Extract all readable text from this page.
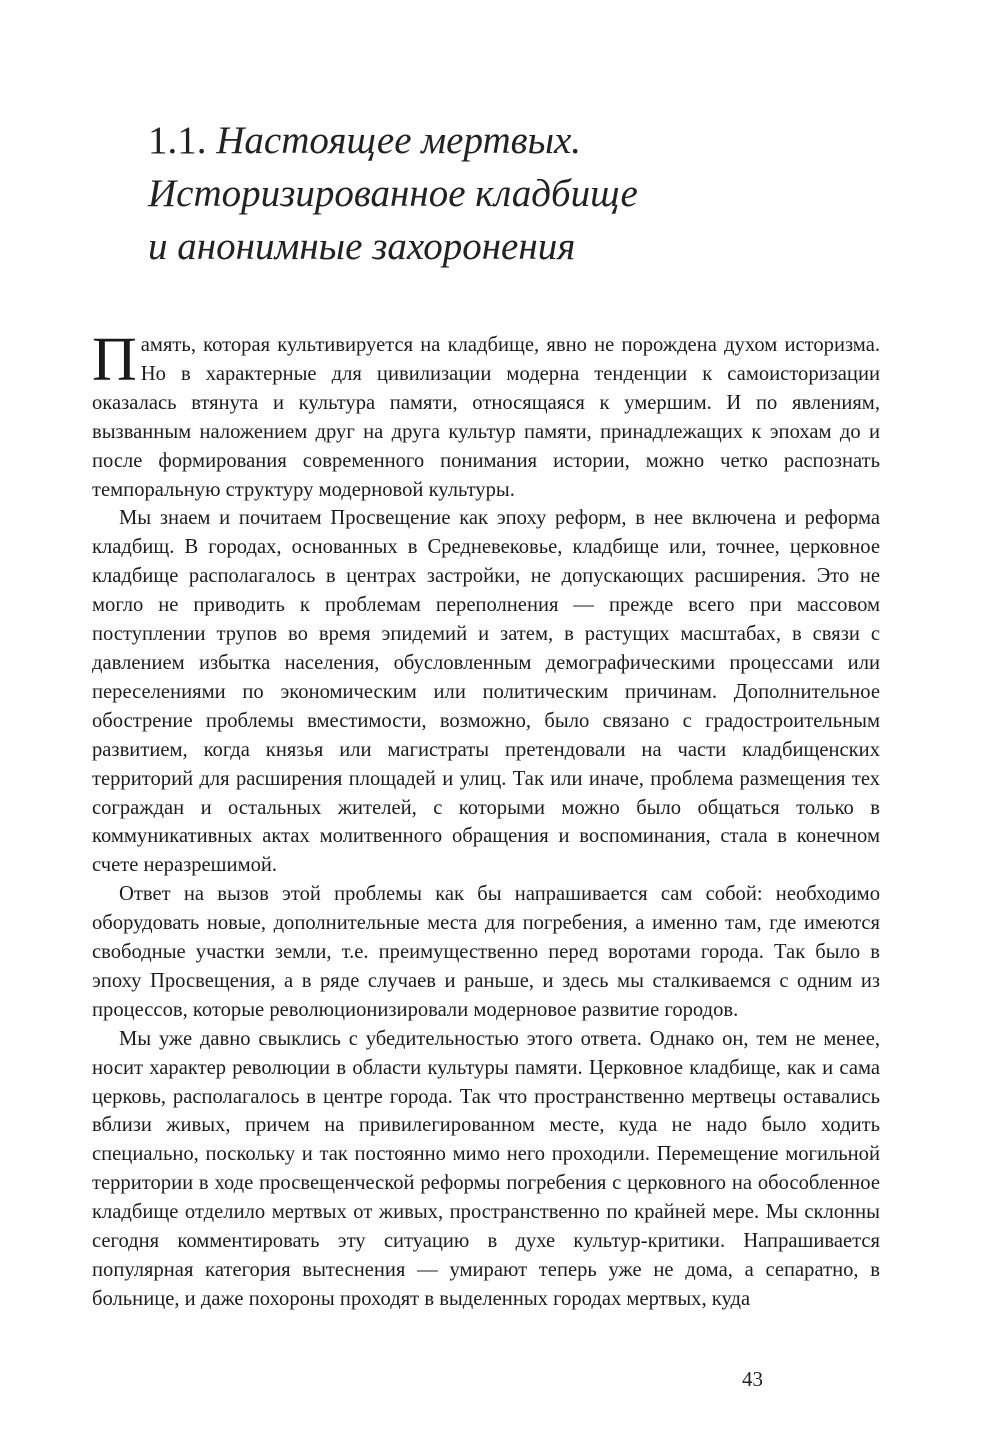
1.1. Настоящее мертвых.
Историзированное кладбище
и анонимные захоронения

Память, которая культивируется на кладбище, явно не порождена духом историзма. Но в характерные для цивилизации модерна тенденции к самоисторизации оказалась втянута и культура памяти, относящаяся к умершим. И по явлениям, вызванным наложением друг на друга культур памяти, принадлежащих к эпохам до и после формирования современного понимания истории, можно четко распознать темпоральную структуру модерновой культуры.

Мы знаем и почитаем Просвещение как эпоху реформ, в нее включена и реформа кладбищ. В городах, основанных в Средневековье, кладбище или, точнее, церковное кладбище располагалось в центрах застройки, не допускающих расширения. Это не могло не приводить к проблемам переполнения — прежде всего при массовом поступлении трупов во время эпидемий и затем, в растущих масштабах, в связи с давлением избытка населения, обусловленным демографическими процессами или переселениями по экономическим или политическим причинам. Дополнительное обострение проблемы вместимости, возможно, было связано с градостроительным развитием, когда князья или магистраты претендовали на части кладбищенских территорий для расширения площадей и улиц. Так или иначе, проблема размещения тех сограждан и остальных жителей, с которыми можно было общаться только в коммуникативных актах молитвенного обращения и воспоминания, стала в конечном счете неразрешимой.

Ответ на вызов этой проблемы как бы напрашивается сам собой: необходимо оборудовать новые, дополнительные места для погребения, а именно там, где имеются свободные участки земли, т.е. преимущественно перед воротами города. Так было в эпоху Просвещения, а в ряде случаев и раньше, и здесь мы сталкиваемся с одним из процессов, которые революционизировали модерновое развитие городов.

Мы уже давно свыклись с убедительностью этого ответа. Однако он, тем не менее, носит характер революции в области культуры памяти. Церковное кладбище, как и сама церковь, располагалось в центре города. Так что пространственно мертвецы оставались вблизи живых, причем на привилегированном месте, куда не надо было ходить специально, поскольку и так постоянно мимо него проходили. Перемещение могильной территории в ходе просвещенческой реформы погребения с церковного на обособленное кладбище отделило мертвых от живых, пространственно по крайней мере. Мы склонны сегодня комментировать эту ситуацию в духе культур-критики. Напрашивается популярная категория вытеснения — умирают теперь уже не дома, а сепаратно, в больнице, и даже похороны проходят в выделенных городах мертвых, куда

43
